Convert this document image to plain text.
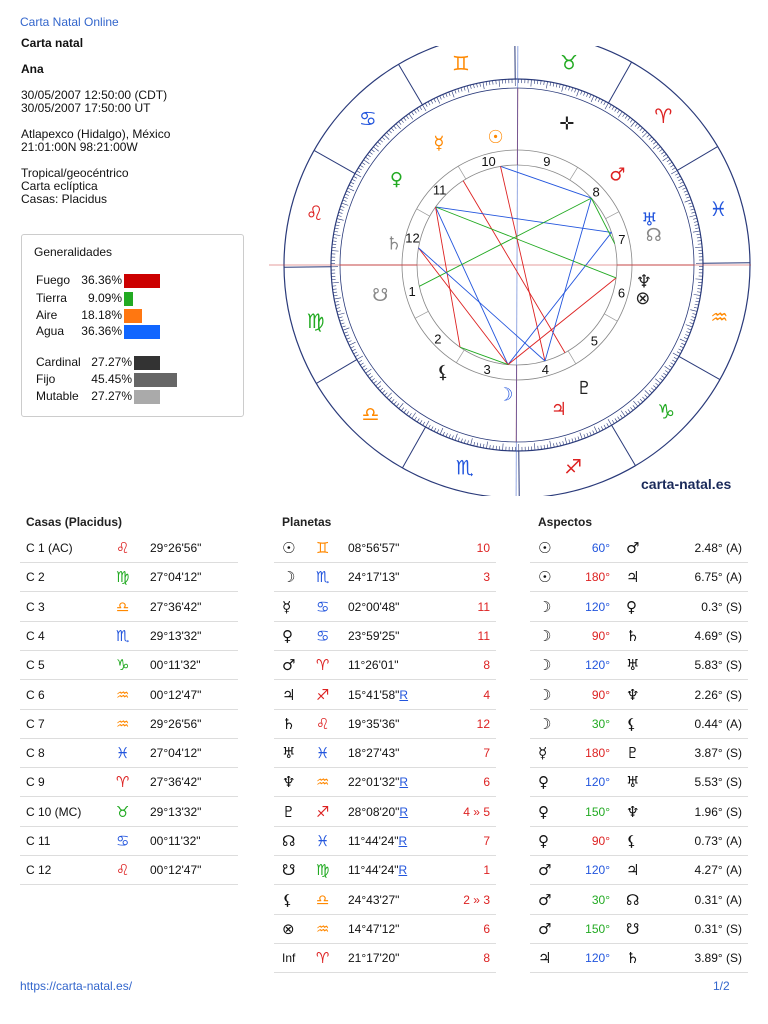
Carta Natal Online
Carta natal
Ana
30/05/2007 12:50:00 (CDT)
30/05/2007 17:50:00 UT
Atlapexco (Hidalgo), México
21:01:00N 98:21:00W
Tropical/geocéntrico
Carta eclíptica
Casas: Placidus
Generalidades
Fuego 36.36%
Tierra	9.09%
Aire	18.18%
Agua	36.36%
Cardinal 27.27%
Fijo	45.45%
Mutable	27.27%
♈
♉
♊
♋
♌
♍
♎
♏	♐
♑
♒
♓
1
2
3	4
5
6
7
8
9
10
11
12
☉
☽
☿
♀	♂
♃
♄
♅
♆
♇
☊
☋
⚸
⊗
✛
carta-natal.es
Casas (Placidus)
C 1 (AC)	♌ 29°26'56"
C 2	♍ 27°04'12"
C 3	♎ 27°36'42"
C 4	♏ 29°13'32"
C 5	♑ 00°11'32"
C 6	♒ 00°12'47"
C 7	♒ 29°26'56"
C 8	♓ 27°04'12"
C 9	♈ 27°36'42"
C 10 (MC) ♉ 29°13'32"
C 11	♋ 00°11'32"
C 12	♌ 00°12'47"
Planetas
☉ ♊ 08°56'57"	10
☽ ♏ 24°17'13"	3
☿ ♋ 02°00'48"	11
♀ ♋ 23°59'25"	11
♂ ♈ 11°26'01"	8
♃ ♐ 15°41'58"R	4
♄ ♌ 19°35'36"	12
♅ ♓ 18°27'43"	7
♆ ♒ 22°01'32"R	6
♇ ♐ 28°08'20"R	4 » 5
☊ ♓ 11°44'24"R	7
☋ ♍ 11°44'24"R	1
⚸ ♎ 24°43'27"	2 » 3
⊗ ♒ 14°47'12"	6
Inf ♈ 21°17'20"	8
Aspectos
☉	60° ♂	2.48° (A)
☉	180° ♃	6.75° (A)
☽	120° ♀	0.3° (S)
☽	90° ♄	4.69° (S)
☽	120° ♅	5.83° (S)
☽	90° ♆	2.26° (S)
☽	30° ⚸	0.44° (A)
☿	180° ♇	3.87° (S)
♀	120° ♅	5.53° (S)
♀	150° ♆	1.96° (S)
♀	90° ⚸	0.73° (A)
♂	120° ♃	4.27° (A)
♂	30° ☊	0.31° (A)
♂	150° ☋	0.31° (S)
♃	120° ♄	3.89° (S)
https://carta-natal.es/	1/2
